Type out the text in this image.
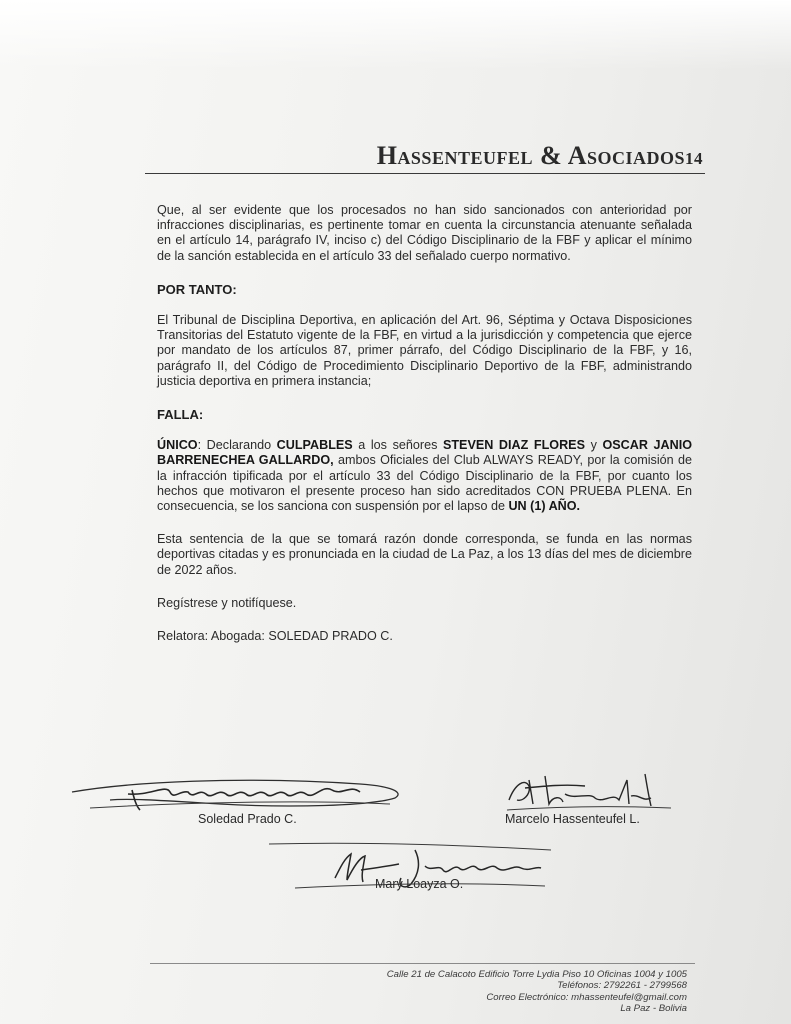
Hassenteufel & Asociados14

Que, al ser evidente que los procesados no han sido sancionados con anterioridad por infracciones disciplinarias, es pertinente tomar en cuenta la circunstancia atenuante señalada en el artículo 14, parágrafo IV, inciso c) del Código Disciplinario de la FBF y aplicar el mínimo de la sanción establecida en el artículo 33 del señalado cuerpo normativo.

POR TANTO:

El Tribunal de Disciplina Deportiva, en aplicación del Art. 96, Séptima y Octava Disposiciones Transitorias del Estatuto vigente de la FBF, en virtud a la jurisdicción y competencia que ejerce por mandato de los artículos 87, primer párrafo, del Código Disciplinario de la FBF, y 16, parágrafo II, del Código de Procedimiento Disciplinario Deportivo de la FBF, administrando justicia deportiva en primera instancia;

FALLA:

ÚNICO: Declarando CULPABLES a los señores STEVEN DIAZ FLORES y OSCAR JANIO BARRENECHEA GALLARDO, ambos Oficiales del Club ALWAYS READY, por la comisión de la infracción tipificada por el artículo 33 del Código Disciplinario de la FBF, por cuanto los hechos que motivaron el presente proceso han sido acreditados CON PRUEBA PLENA. En consecuencia, se los sanciona con suspensión por el lapso de UN (1) AÑO.

Esta sentencia de la que se tomará razón donde corresponda, se funda en las normas deportivas citadas y es pronunciada en la ciudad de La Paz, a los 13 días del mes de diciembre de 2022 años.

Regístrese y notifíquese.

Relatora: Abogada: SOLEDAD PRADO C.

Soledad Prado C.	Marcelo Hassenteufel L.
Mary Loayza O.
Calle 21 de Calacoto Edificio Torre Lydia Piso 10 Oficinas 1004 y 1005
Teléfonos: 2792261 - 2799568
Correo Electrónico: mhassenteufel@gmail.com
La Paz - Bolivia
